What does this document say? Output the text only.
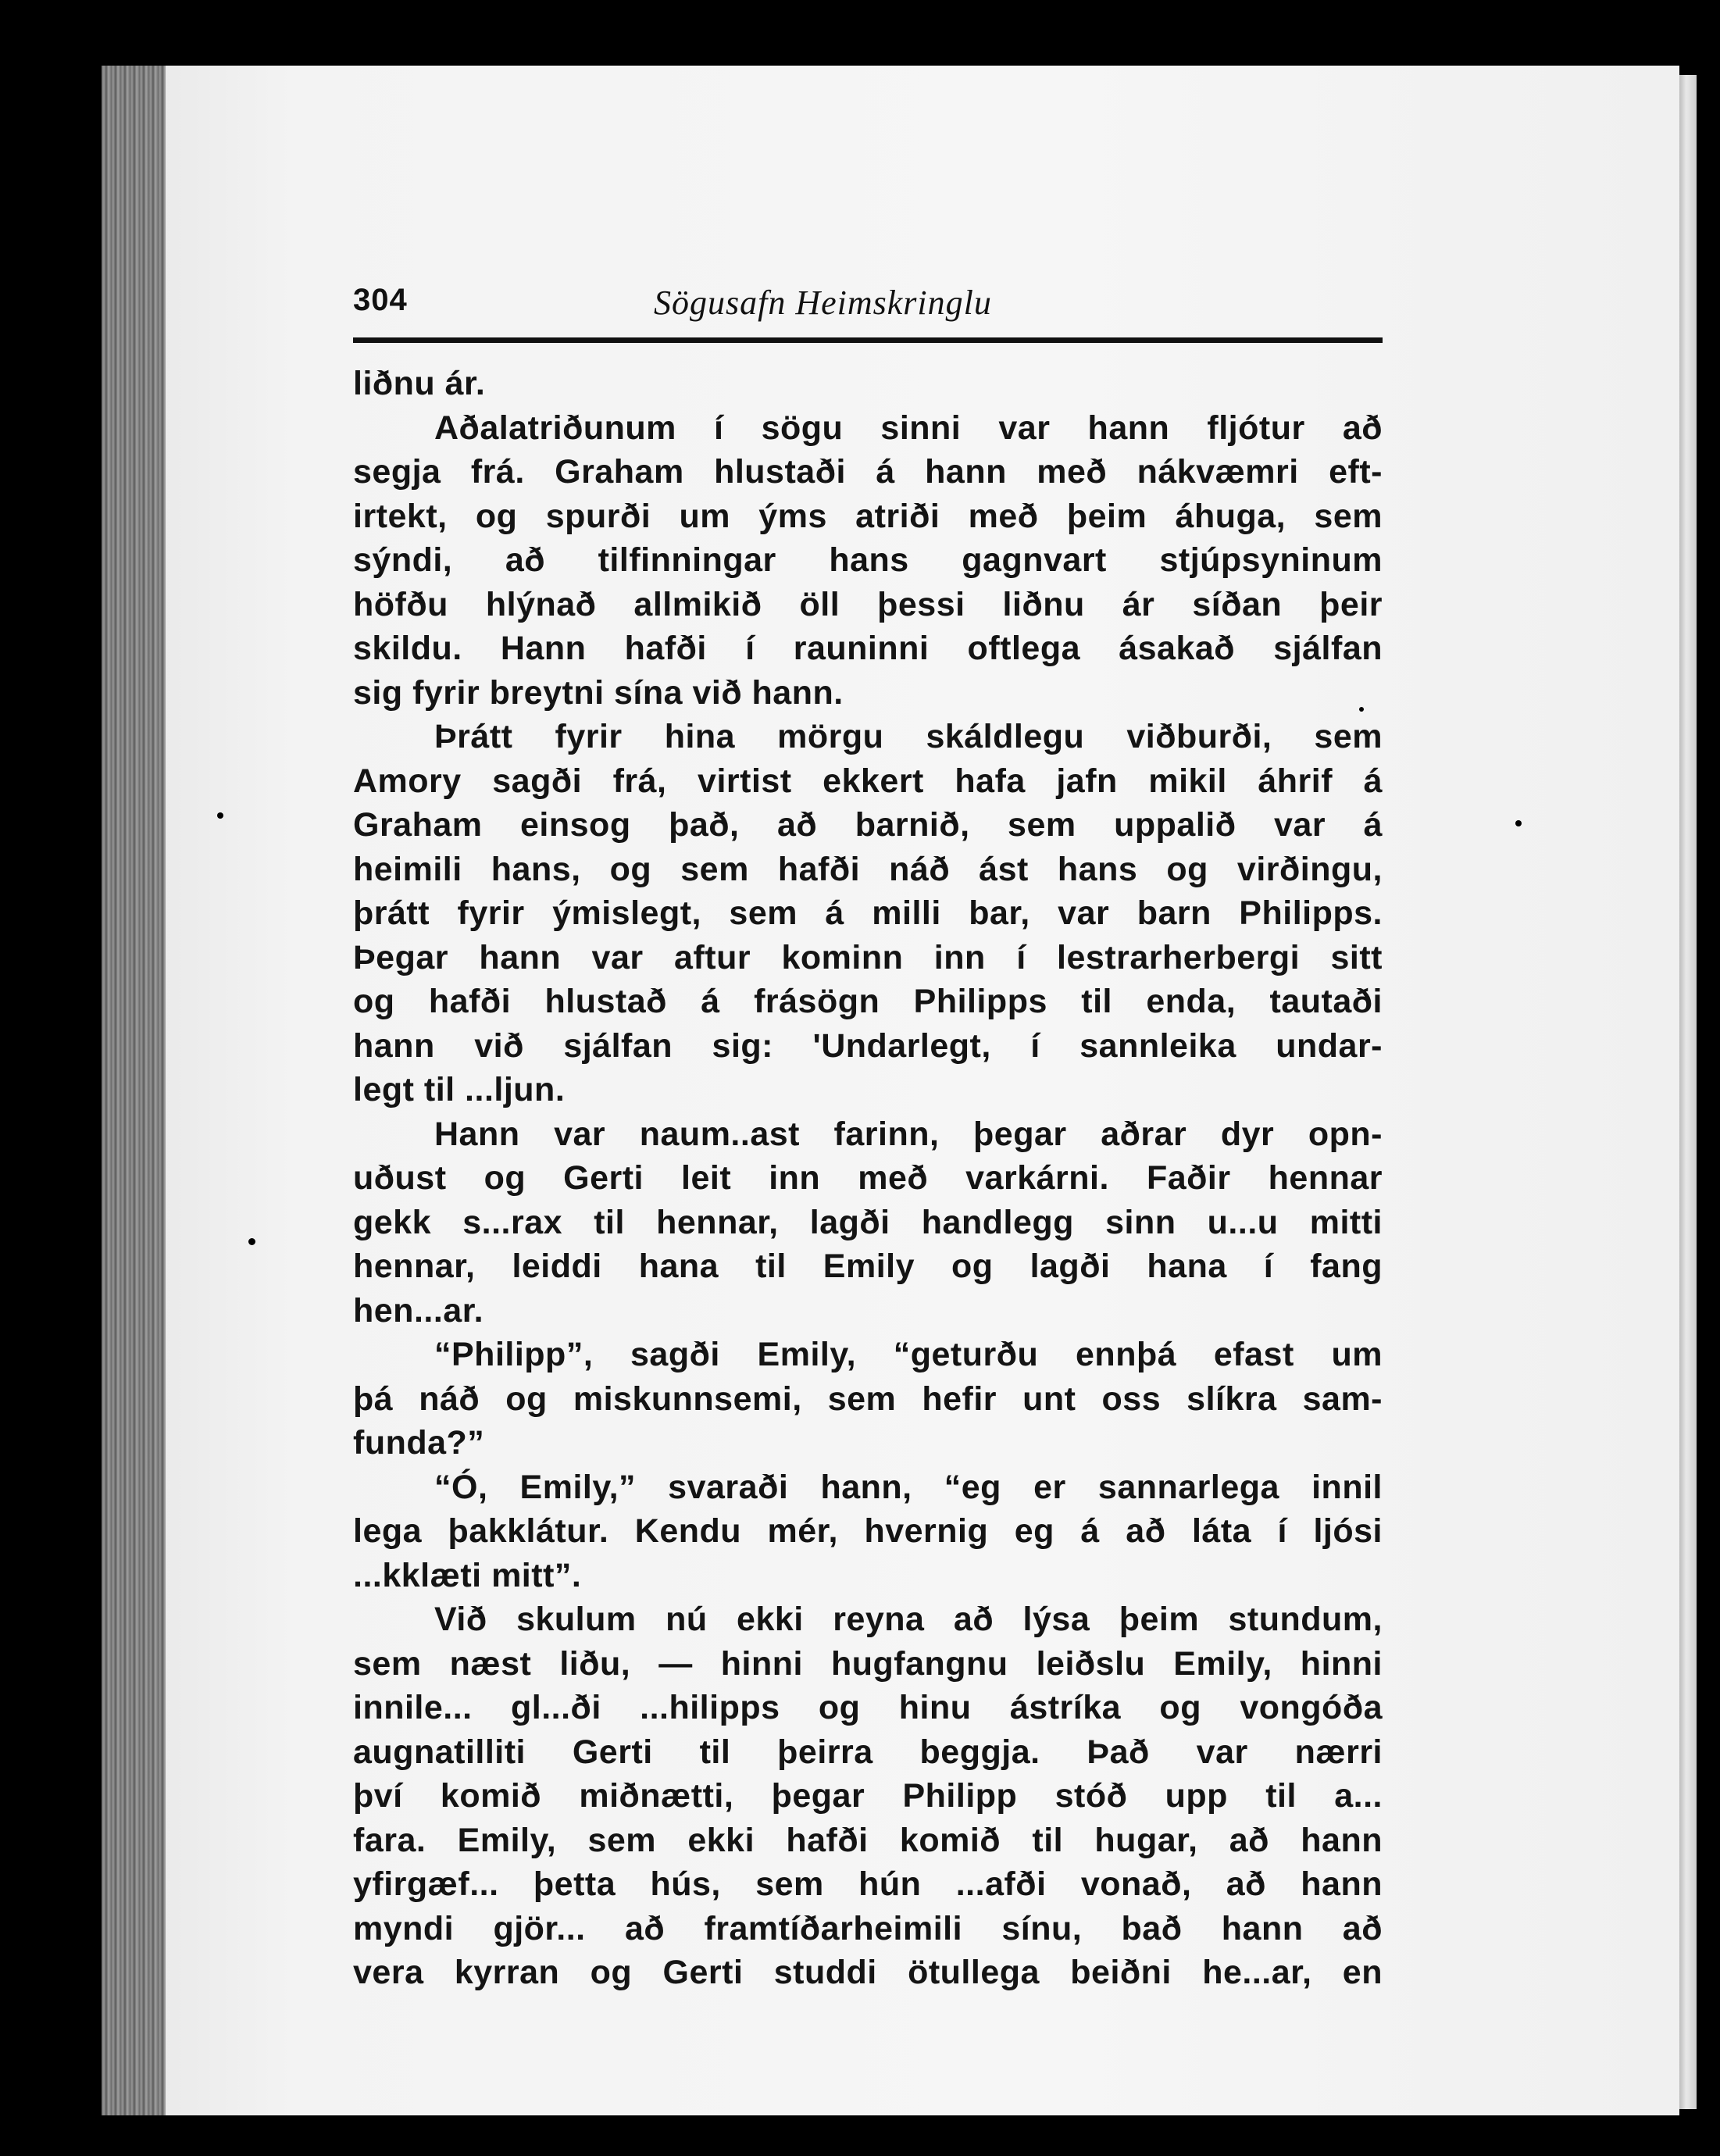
304	Sögusafn Heimskringlu
liðnu ár.
Aðalatriðunum í sögu sinni var hann fljótur að
segja frá. Graham hlustaði á hann með nákvæmri eft-
irtekt, og spurði um ýms atriði með þeim áhuga, sem
sýndi, að tilfinningar hans gagnvart stjúpsyninum
höfðu hlýnað allmikið öll þessi liðnu ár síðan þeir
skildu. Hann hafði í rauninni oftlega ásakað sjálfan
sig fyrir breytni sína við hann.
Þrátt fyrir hina mörgu skáldlegu viðburði, sem
Amory sagði frá, virtist ekkert hafa jafn mikil áhrif á
Graham einsog það, að barnið, sem uppalið var á
heimili hans, og sem hafði náð ást hans og virðingu,
þrátt fyrir ýmislegt, sem á milli bar, var barn Philipps.
Þegar hann var aftur kominn inn í lestrarherbergi sitt
og hafði hlustað á frásögn Philipps til enda, tautaði
hann við sjálfan sig: 'Undarlegt, í sannleika undar-
legt til ...ljun.
Hann var naum..ast farinn, þegar aðrar dyr opn-
uðust og Gerti leit inn með varkárni. Faðir hennar
gekk s...rax til hennar, lagði handlegg sinn u...u mitti
hennar, leiddi hana til Emily og lagði hana í fang
hen...ar.
“Philipp”, sagði Emily, “geturðu ennþá efast um
þá náð og miskunnsemi, sem hefir unt oss slíkra sam-
funda?”
“Ó, Emily,” svaraði hann, “eg er sannarlega innil
lega þakklátur. Kendu mér, hvernig eg á að láta í ljósi
...kklæti mitt”.
Við skulum nú ekki reyna að lýsa þeim stundum,
sem næst liðu, — hinni hugfangnu leiðslu Emily, hinni
innile... gl...ði ...hilipps og hinu ástríka og vongóða
augnatilliti Gerti til þeirra beggja. Það var nærri
því komið miðnætti, þegar Philipp stóð upp til a...
fara. Emily, sem ekki hafði komið til hugar, að hann
yfirgæf... þetta hús, sem hún ...afði vonað, að hann
myndi gjör... að framtíðarheimili sínu, bað hann að
vera kyrran og Gerti studdi ötullega beiðni he...ar, en
